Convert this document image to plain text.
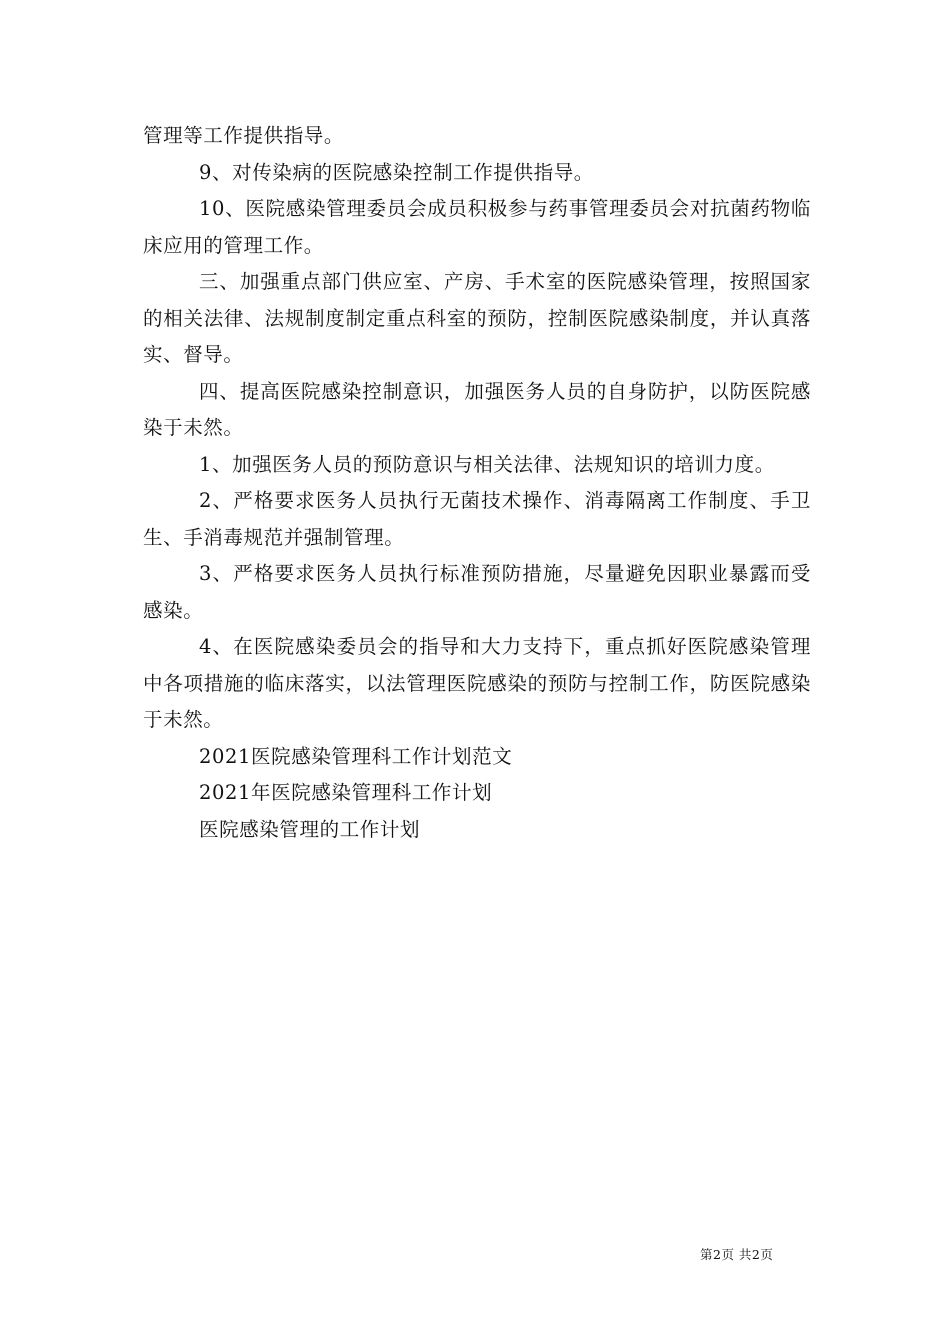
管理等工作提供指导。

9、对传染病的医院感染控制工作提供指导。

10、医院感染管理委员会成员积极参与药事管理委员会对抗菌药物临床应用的管理工作。

三、加强重点部门供应室、产房、手术室的医院感染管理，按照国家的相关法律、法规制度制定重点科室的预防，控制医院感染制度，并认真落实、督导。

四、提高医院感染控制意识，加强医务人员的自身防护，以防医院感染于未然。

1、加强医务人员的预防意识与相关法律、法规知识的培训力度。

2、严格要求医务人员执行无菌技术操作、消毒隔离工作制度、手卫生、手消毒规范并强制管理。

3、严格要求医务人员执行标准预防措施，尽量避免因职业暴露而受感染。

4、在医院感染委员会的指导和大力支持下，重点抓好医院感染管理中各项措施的临床落实，以法管理医院感染的预防与控制工作，防医院感染于未然。

2021医院感染管理科工作计划范文

2021年医院感染管理科工作计划

医院感染管理的工作计划

第2页 共2页
